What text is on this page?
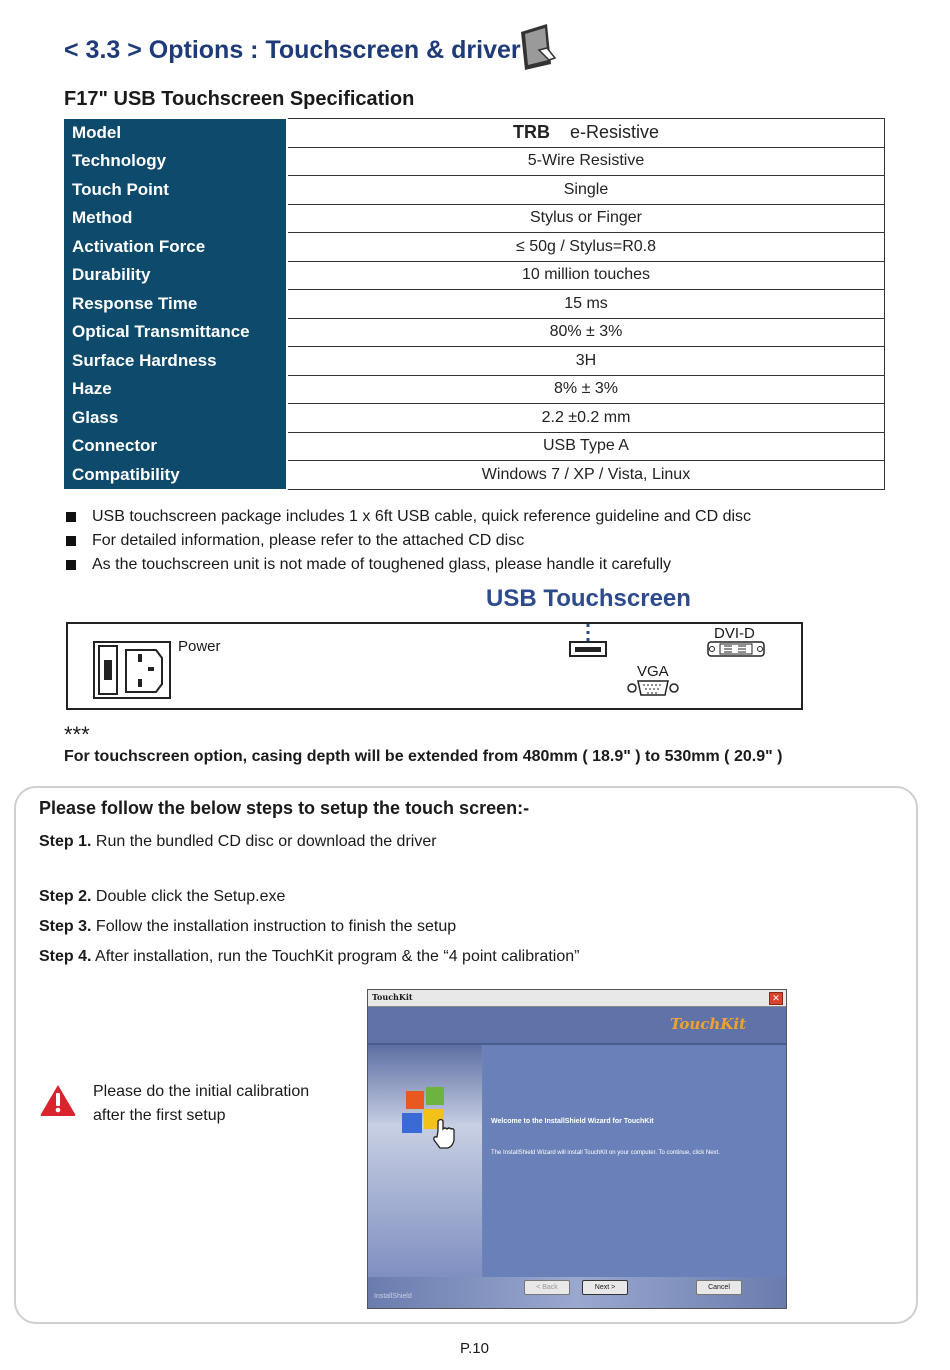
< 3.3 > Options : Touchscreen & driver
F17" USB Touchscreen Specification
Model		TRB e-Resistive
Technology		5-Wire Resistive
Touch Point		Single
Method		Stylus or Finger
Activation Force		≤ 50g / Stylus=R0.8
Durability		10 million touches
Response Time		15 ms
Optical Transmittance		80% ± 3%
Surface Hardness		3H
Haze		8% ± 3%
Glass		2.2 ±0.2 mm
Connector		USB Type A
Compatibility		Windows 7 / XP / Vista, Linux
USB touchscreen package includes 1 x 6ft USB cable, quick reference guideline and CD disc
For detailed information, please refer to the attached CD disc
As the touchscreen unit is not made of toughened glass, please handle it carefully
USB Touchscreen
Power
DVI-D
VGA
***
For touchscreen option, casing depth will be extended from 480mm ( 18.9" ) to 530mm ( 20.9" )
Please follow the below steps to setup the touch screen:-
Step 1. Run the bundled CD disc or download the driver
Step 2. Double click the Setup.exe
Step 3. Follow the installation instruction to finish the setup
Step 4. After installation, run the TouchKit program & the “4 point calibration”
Please do the initial calibration
after the first setup
TouchKit	✕
TouchKit
Welcome to the InstallShield Wizard for TouchKit
The InstallShield Wizard will install TouchKit on your computer. To continue, click Next.
InstallShield
< Back	Next >	Cancel
P.10
